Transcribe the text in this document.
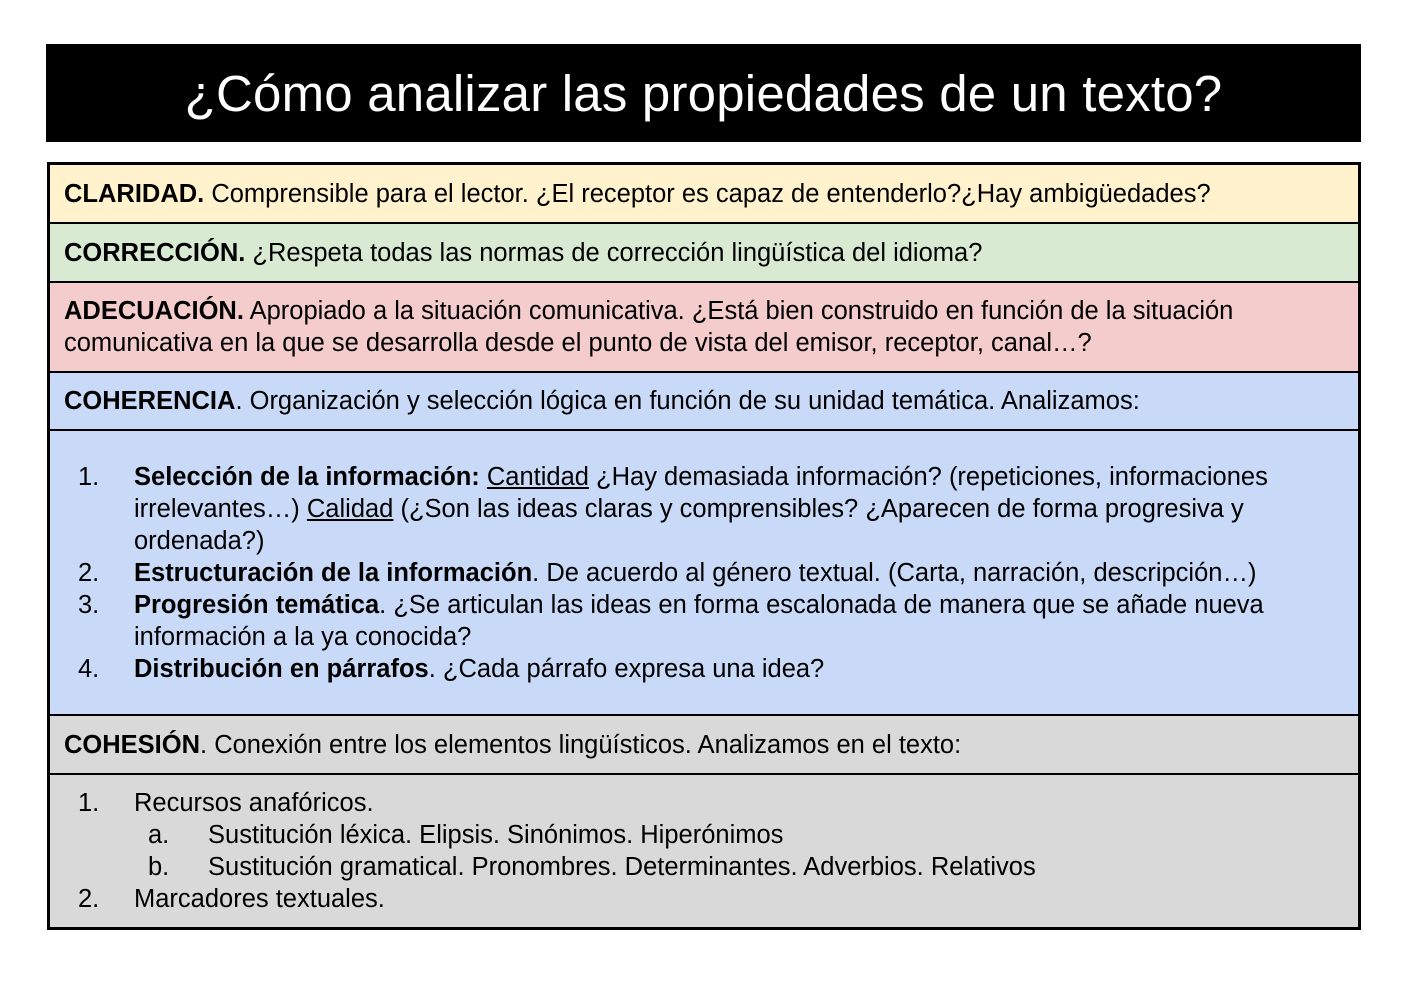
¿Cómo analizar las propiedades de un texto?
CLARIDAD. Comprensible para el lector. ¿El receptor es capaz de entenderlo?¿Hay ambigüedades?
CORRECCIÓN. ¿Respeta todas las normas de corrección lingüística del idioma?
ADECUACIÓN. Apropiado a la situación comunicativa. ¿Está bien construido en función de la situación comunicativa en la que se desarrolla desde el punto de vista del emisor, receptor, canal…?
COHERENCIA. Organización y selección lógica en función de su unidad temática. Analizamos:

1.	Selección de la información: Cantidad ¿Hay demasiada información? (repeticiones, informaciones irrelevantes…) Calidad (¿Son las ideas claras y comprensibles? ¿Aparecen de forma progresiva y ordenada?)
2.	Estructuración de la información. De acuerdo al género textual. (Carta, narración, descripción…)
3.	Progresión temática. ¿Se articulan las ideas en forma escalonada de manera que se añade nueva información a la ya conocida?
4.	Distribución en párrafos. ¿Cada párrafo expresa una idea?

COHESIÓN. Conexión entre los elementos lingüísticos. Analizamos en el texto:

1.	Recursos anafóricos.
a.	Sustitución léxica. Elipsis. Sinónimos. Hiperónimos
b.	Sustitución gramatical. Pronombres. Determinantes. Adverbios. Relativos
2.	Marcadores textuales.
